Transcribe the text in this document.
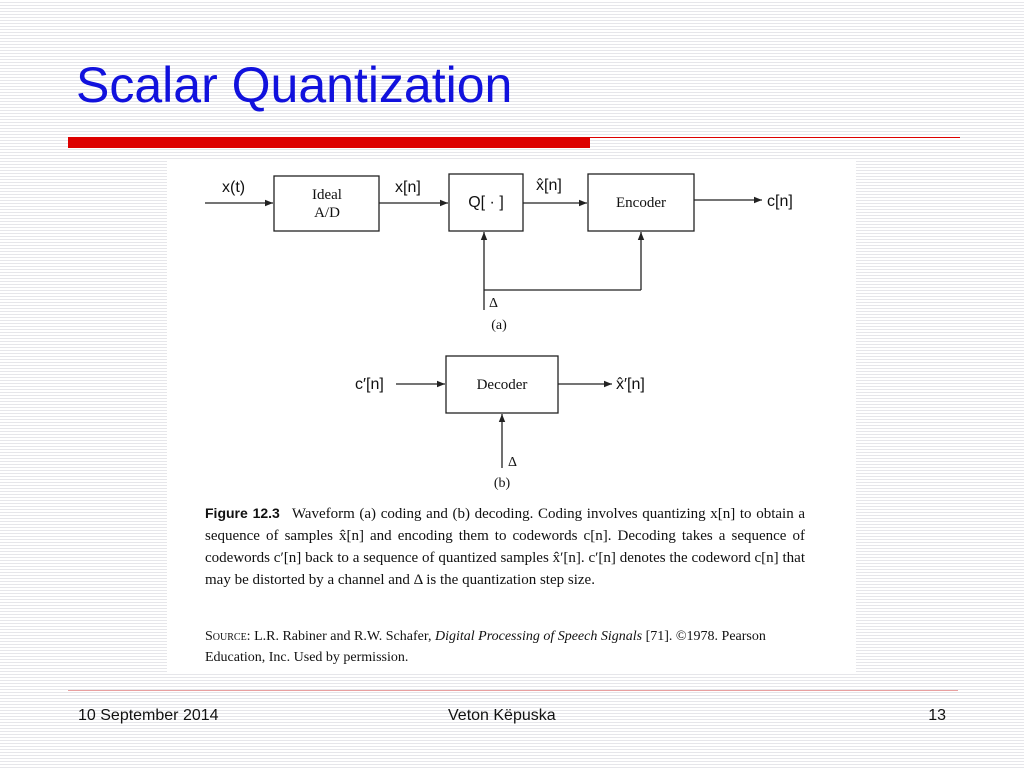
Scalar Quantization
x(t)	Ideal
A/D
x[n]
Q[ · ]
x̂[n]
Encoder	c[n]
Δ
(a)
c′[n]	Decoder	x̂′[n]
Δ
(b)
Figure 12.3 Waveform (a) coding and (b) decoding. Coding involves quantizing x[n] to obtain a sequence of samples x̂[n] and encoding them to codewords c[n]. Decoding takes a sequence of codewords c′[n] back to a sequence of quantized samples x̂′[n]. c′[n] denotes the codeword c[n] that may be distorted by a channel and Δ is the quantization step size.
Source: L.R. Rabiner and R.W. Schafer, Digital Processing of Speech Signals [71]. ©1978. Pearson Education, Inc. Used by permission.
10 September 2014	Veton Këpuska	13
